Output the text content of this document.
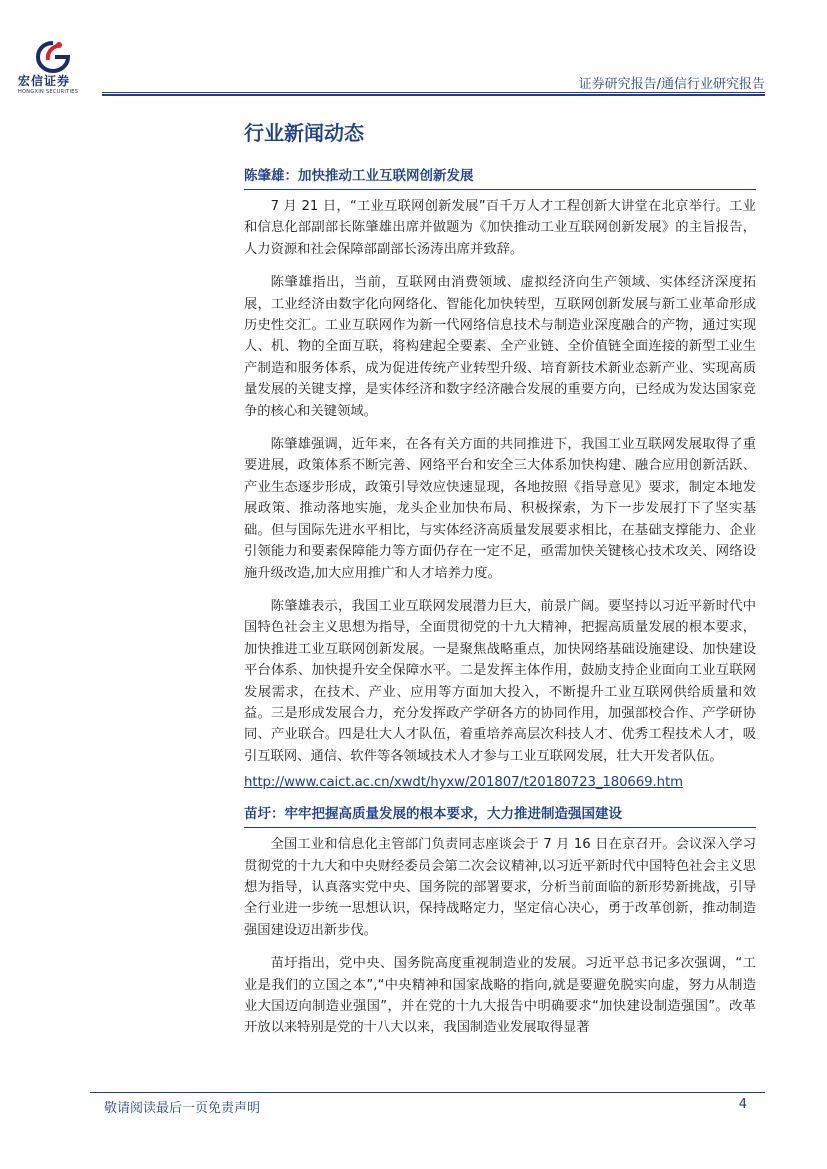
宏信证券
HONGXIN SECURITIES	证券研究报告/通信行业研究报告
行业新闻动态
陈肇雄：加快推动工业互联网创新发展

7 月 21 日，“工业互联网创新发展”百千万人才工程创新大讲堂在北京举行。工业和信息化部副部长陈肇雄出席并做题为《加快推动工业互联网创新发展》的主旨报告，人力资源和社会保障部副部长汤涛出席并致辞。

陈肇雄指出，当前，互联网由消费领域、虚拟经济向生产领域、实体经济深度拓展，工业经济由数字化向网络化、智能化加快转型，互联网创新发展与新工业革命形成历史性交汇。工业互联网作为新一代网络信息技术与制造业深度融合的产物，通过实现人、机、物的全面互联，将构建起全要素、全产业链、全价值链全面连接的新型工业生产制造和服务体系，成为促进传统产业转型升级、培育新技术新业态新产业、实现高质量发展的关键支撑，是实体经济和数字经济融合发展的重要方向，已经成为发达国家竞争的核心和关键领域。

陈肇雄强调，近年来，在各有关方面的共同推进下，我国工业互联网发展取得了重要进展，政策体系不断完善、网络平台和安全三大体系加快构建、融合应用创新活跃、产业生态逐步形成，政策引导效应快速显现，各地按照《指导意见》要求，制定本地发展政策、推动落地实施，龙头企业加快布局、积极探索，为下一步发展打下了坚实基础。但与国际先进水平相比，与实体经济高质量发展要求相比，在基础支撑能力、企业引领能力和要素保障能力等方面仍存在一定不足，亟需加快关键核心技术攻关、网络设施升级改造,加大应用推广和人才培养力度。

陈肇雄表示，我国工业互联网发展潜力巨大，前景广阔。要坚持以习近平新时代中国特色社会主义思想为指导，全面贯彻党的十九大精神，把握高质量发展的根本要求，加快推进工业互联网创新发展。一是聚焦战略重点，加快网络基础设施建设、加快建设平台体系、加快提升安全保障水平。二是发挥主体作用，鼓励支持企业面向工业互联网发展需求，在技术、产业、应用等方面加大投入，不断提升工业互联网供给质量和效益。三是形成发展合力，充分发挥政产学研各方的协同作用，加强部校合作、产学研协同、产业联合。四是壮大人才队伍，着重培养高层次科技人才、优秀工程技术人才，吸引互联网、通信、软件等各领域技术人才参与工业互联网发展，壮大开发者队伍。

http://www.caict.ac.cn/xwdt/hyxw/201807/t20180723_180669.htm
苗圩：牢牢把握高质量发展的根本要求，大力推进制造强国建设

全国工业和信息化主管部门负责同志座谈会于 7 月 16 日在京召开。会议深入学习贯彻党的十九大和中央财经委员会第二次会议精神,以习近平新时代中国特色社会主义思想为指导，认真落实党中央、国务院的部署要求，分析当前面临的新形势新挑战，引导全行业进一步统一思想认识，保持战略定力，坚定信心决心，勇于改革创新，推动制造强国建设迈出新步伐。

苗圩指出，党中央、国务院高度重视制造业的发展。习近平总书记多次强调，“工业是我们的立国之本”,“中央精神和国家战略的指向,就是要避免脱实向虚，努力从制造业大国迈向制造业强国”，并在党的十九大报告中明确要求“加快建设制造强国”。改革开放以来特别是党的十八大以来，我国制造业发展取得显著

敬请阅读最后一页免责声明	4
